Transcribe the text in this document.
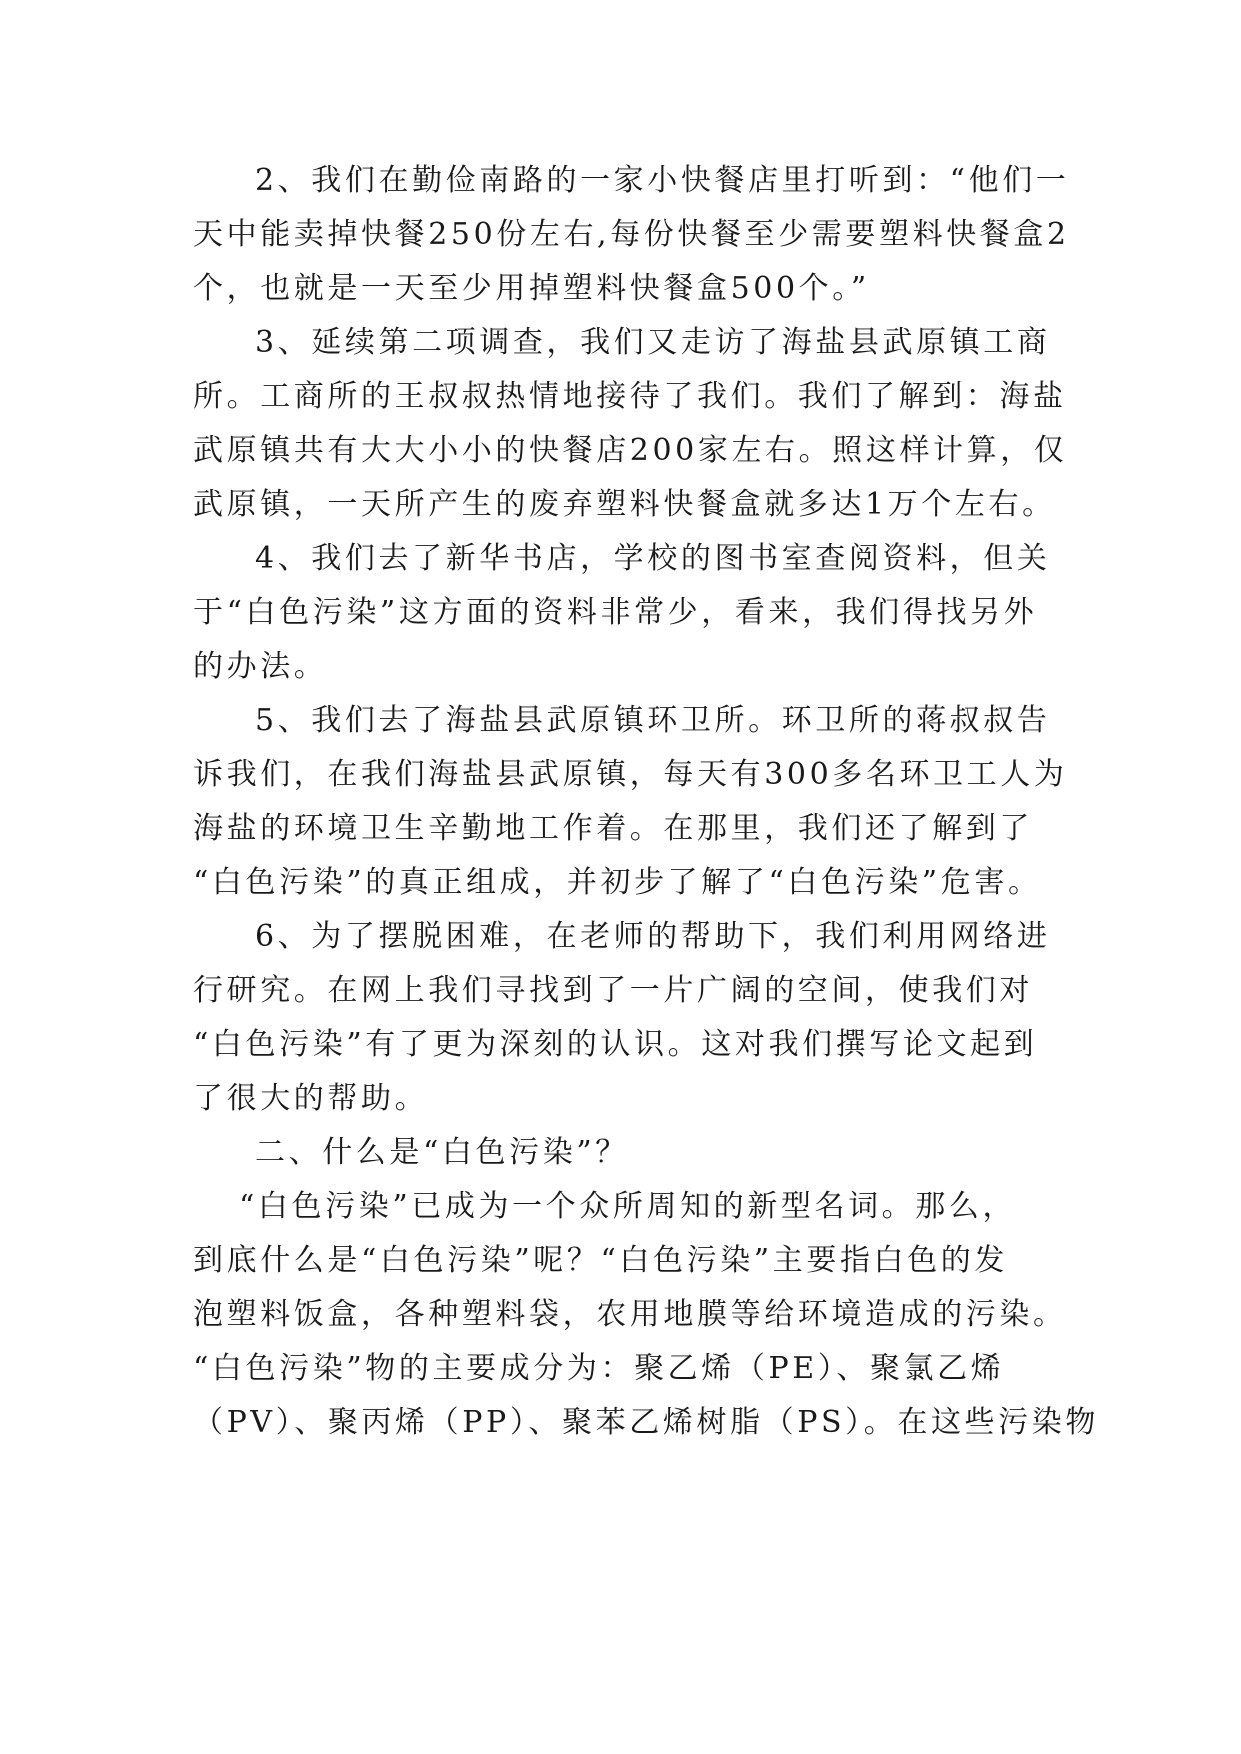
2、我们在勤俭南路的一家小快餐店里打听到：“他们一
天中能卖掉快餐250份左右,每份快餐至少需要塑料快餐盒2
个，也就是一天至少用掉塑料快餐盒500个。”
3、延续第二项调查，我们又走访了海盐县武原镇工商
所。工商所的王叔叔热情地接待了我们。我们了解到：海盐
武原镇共有大大小小的快餐店200家左右。照这样计算，仅
武原镇，一天所产生的废弃塑料快餐盒就多达1万个左右。
4、我们去了新华书店，学校的图书室查阅资料，但关
于“白色污染”这方面的资料非常少，看来，我们得找另外
的办法。
5、我们去了海盐县武原镇环卫所。环卫所的蒋叔叔告
诉我们，在我们海盐县武原镇，每天有300多名环卫工人为
海盐的环境卫生辛勤地工作着。在那里，我们还了解到了
“白色污染”的真正组成，并初步了解了“白色污染”危害。
6、为了摆脱困难，在老师的帮助下，我们利用网络进
行研究。在网上我们寻找到了一片广阔的空间，使我们对
“白色污染”有了更为深刻的认识。这对我们撰写论文起到
了很大的帮助。
二、什么是“白色污染”？
“白色污染”已成为一个众所周知的新型名词。那么，
到底什么是“白色污染”呢？“白色污染”主要指白色的发
泡塑料饭盒，各种塑料袋，农用地膜等给环境造成的污染。
“白色污染”物的主要成分为：聚乙烯（PE）、聚氯乙烯
（PV）、聚丙烯（PP）、聚苯乙烯树脂（PS）。在这些污染物
